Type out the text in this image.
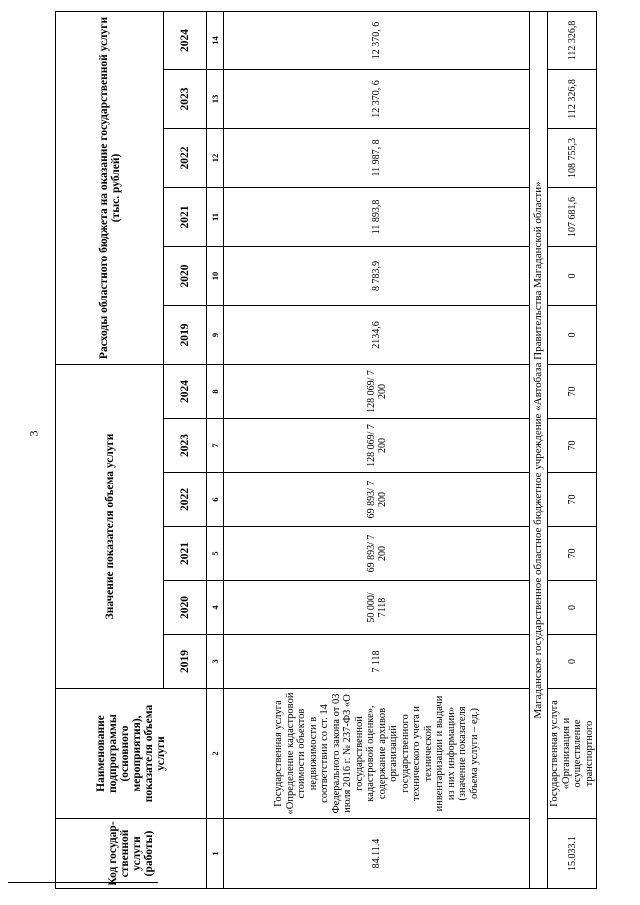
3
Код государ-ственной услуги (работы)	Наименование подпрограммы (основного мероприятия), показателя объема услуги	Значение показателя объема услуги						Расходы областного бюджета на оказание государственной услуги (тыс. рублей)					
		2019	2020	2021	2022	2023	2024	2019	2020	2021	2022	2023	2024
1	2	3	4	5	6	7	8	9	10	11	12	13	14
84.11.4	Государственная услуга «Определение кадастровой стоимости объектов недвижимости в соответствии со ст. 14 Федерального закона от 03 июля 2016 г. № 237-ФЗ «О государственной кадастровой оценке», содержание архивов организаций государственного технического учета и технической инвентаризации и выдачи из них информации» (значение показателя объема услуги – ед.)	7 118	50 000/ 7118	69 893/ 7 200	69 893/ 7 200	128 069/ 7 200	128 069/ 7 200	2134,6	8 783,9	11 893,8	11 987, 8	12 370, 6	12 370, 6
Магаданское государственное областное бюджетное учреждение «Автобаза Правительства Магаданской области»													
15.033.1	Государственная услуга «Организация и осуществление транспортного	0	0	70	70	70	70	0	0	107 681,6	108 755,3	112 326,8	112 326,8
